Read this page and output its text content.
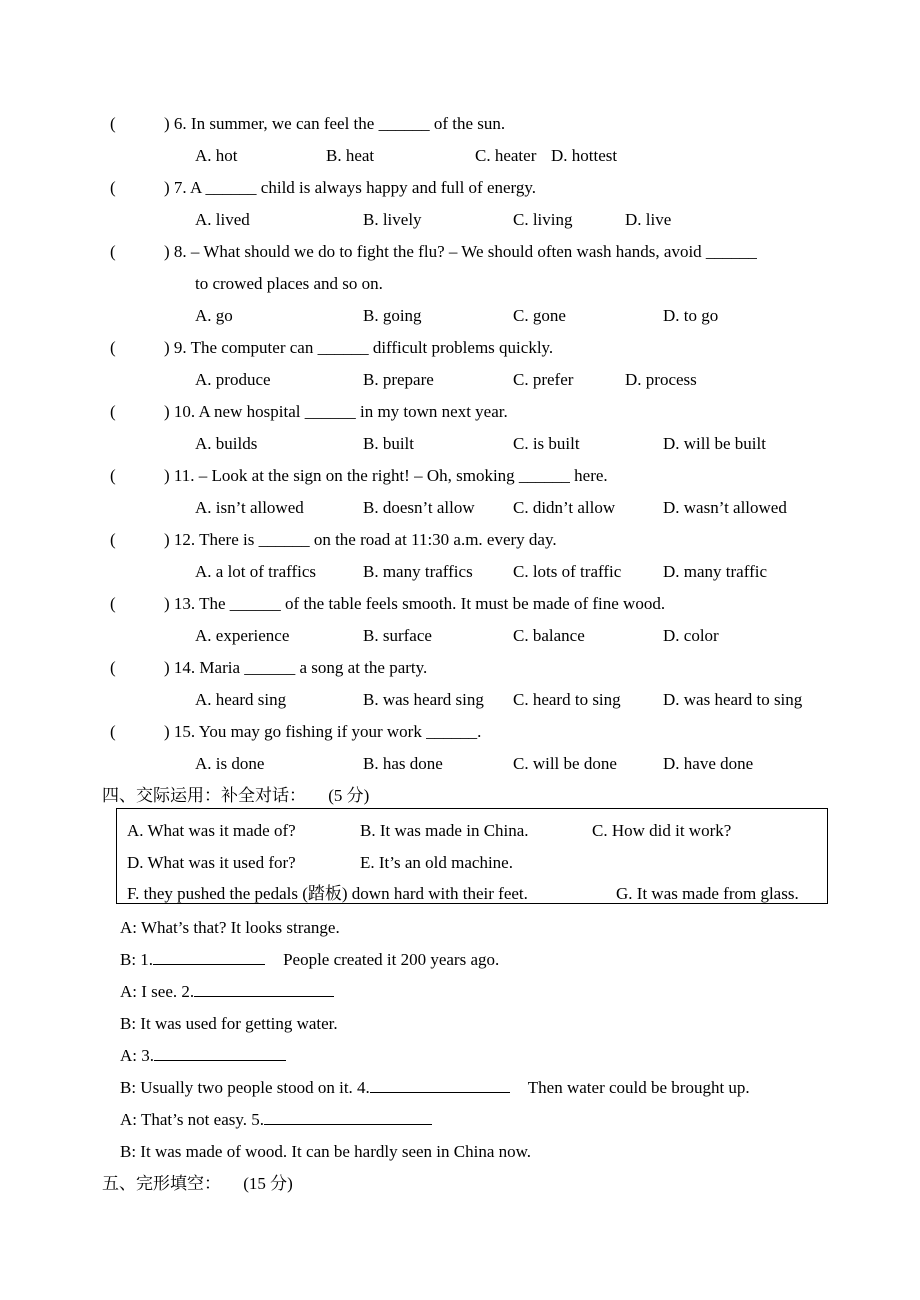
(	) 6. In summer, we can feel the ______ of the sun.
A. hot	B. heat	C. heater D. hottest
(	) 7. A ______ child is always happy and full of energy.
A. lived	B. lively	C. living	D. live
(	) 8. – What should we do to fight the flu? – We should often wash hands, avoid ______
to crowed places and so on.
A. go	B. going	C. gone	D. to go
(	) 9. The computer can ______ difficult problems quickly.
A. produce	B. prepare	C. prefer	D. process
(	) 10. A new hospital ______ in my town next year.
A. builds	B. built	C. is built	D. will be built
(	) 11. – Look at the sign on the right! – Oh, smoking ______ here.
A. isn’t allowed	B. doesn’t allow C. didn’t allow	D. wasn’t allowed
(	) 12. There is ______ on the road at 11:30 a.m. every day.
A. a lot of traffics	B. many traffics C. lots of traffic D. many traffic
(	) 13. The ______ of the table feels smooth. It must be made of fine wood.
A. experience	B. surface	C. balance	D. color
(	) 14. Maria ______ a song at the party.
A. heard sing	B. was heard sing C. heard to sing D. was heard to sing
(	) 15. You may go fishing if your work ______.
A. is done	B. has done	C. will be done	D. have done
四、交际运用：补全对话： (5 分)
A. What was it made of?	B. It was made in China.	C. How did it work?
D. What was it used for?	E. It’s an old machine.
F. they pushed the pedals (踏板) down hard with their feet.	G. It was made from glass.
A: What’s that? It looks strange.
B: 1.	People created it 200 years ago.
A: I see. 2.
B: It was used for getting water.
A: 3.
B: Usually two people stood on it. 4.	Then water could be brought up.
A: That’s not easy. 5.
B: It was made of wood. It can be hardly seen in China now.
五、完形填空： (15 分)
